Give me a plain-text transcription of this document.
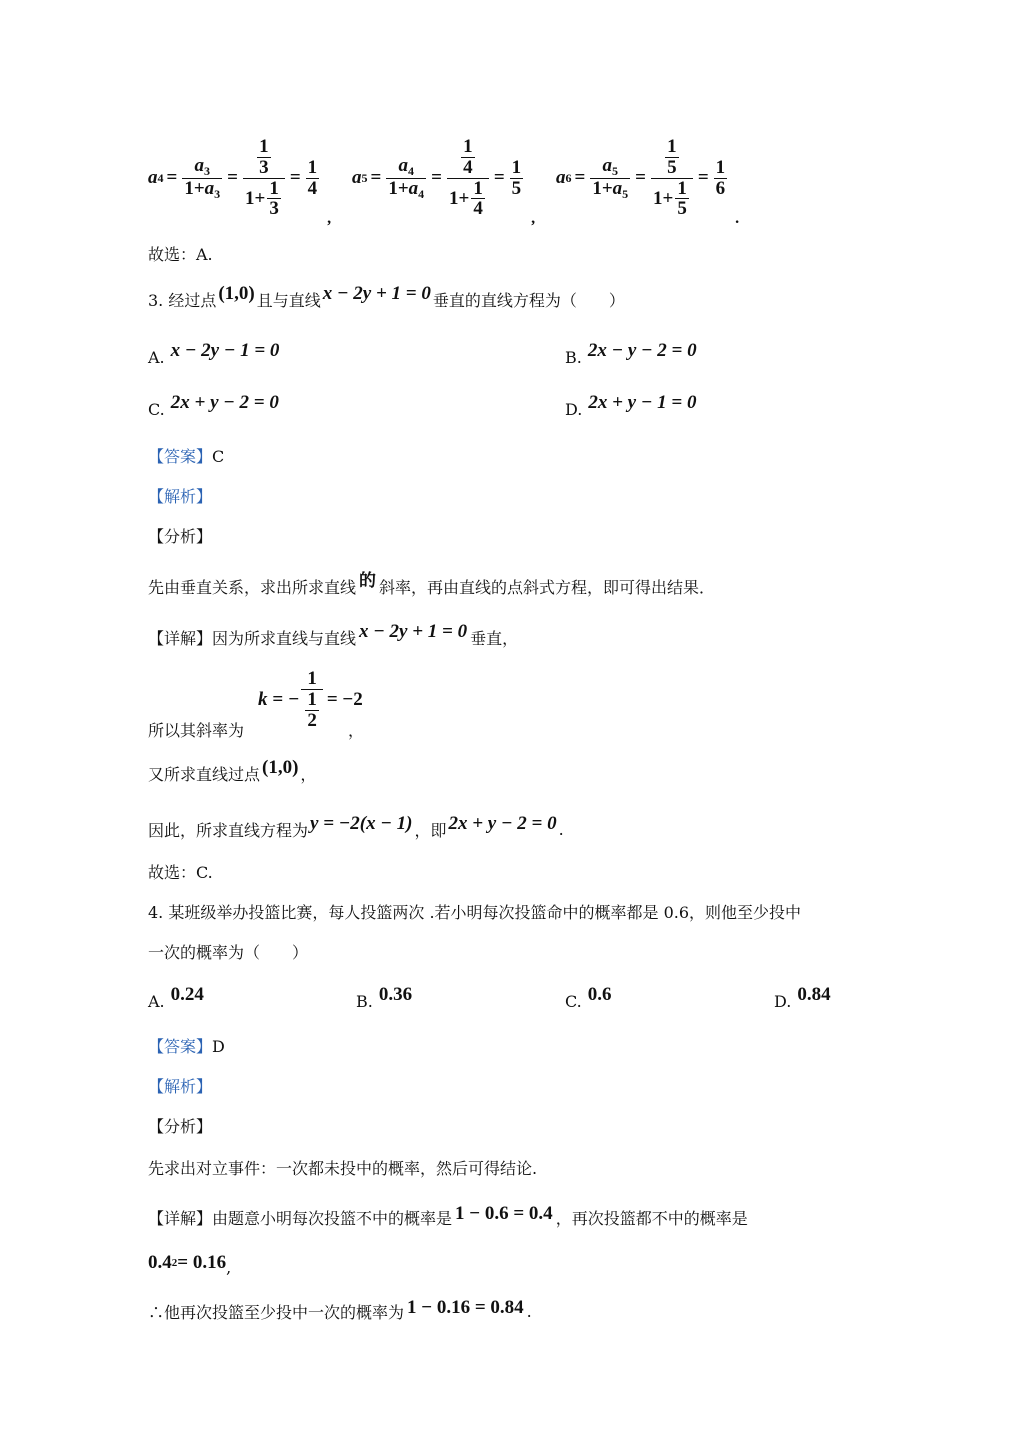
a $4 = \frac{a_3}{1+a_3} = \frac{\frac{1}{3}}{1+ \frac{1}{3}} = \frac{1}{4}$
,
a $5 = \frac{a_4}{1+a_4} = \frac{\frac{1}{4}}{1+ \frac{1}{4}} = \frac{1}{5}$
,
a $6 = \frac{a_5}{1+a_5} = \frac{\frac{1}{5}}{1+ \frac{1}{5}} = \frac{1}{6}$
.
故选：A.
3. 经过点 (1,0) 且与直线 x − 2y + 1 = 0 垂直的直线方程为（　　）
A. x − 2y − 1 = 0	B. 2x − y − 2 = 0
C. 2x + y − 2 = 0	D. 2x + y − 1 = 0
【答案】C
【解析】
【分析】
先由垂直关系，求出所求直线 的 斜率，再由直线的点斜式方程，即可得出结果．
【详解】 因为所求直线与直线 x − 2y + 1 = 0 垂直，
k = − $\frac{1}{\frac{1}{2}} = -2$
所以其斜率为	，
又所求直线过点 (1,0) ，
因此，所求直线方程为 y = −2(x − 1) ，即 2x + y − 2 = 0 .
故选：C.
4. 某班级举办投篮比赛，每人投篮两次 .若小明每次投篮命中的概率都是 0.6，则他至少投中
一次的概率为（　　）
A. 0.24	B. 0.36	C. 0.6	D. 0.84
【答案】D
【解析】
【分析】
先求出对立事件：一次都未投中的概率，然后可得结论.
【详解】 由题意小明每次投篮不中的概率是 1 − 0.6 = 0.4 ，再次投篮都不中的概率是
0.4 2 = 0.16 ,
∴他再次投篮至少投中一次的概率为 1 − 0.16 = 0.84 .
